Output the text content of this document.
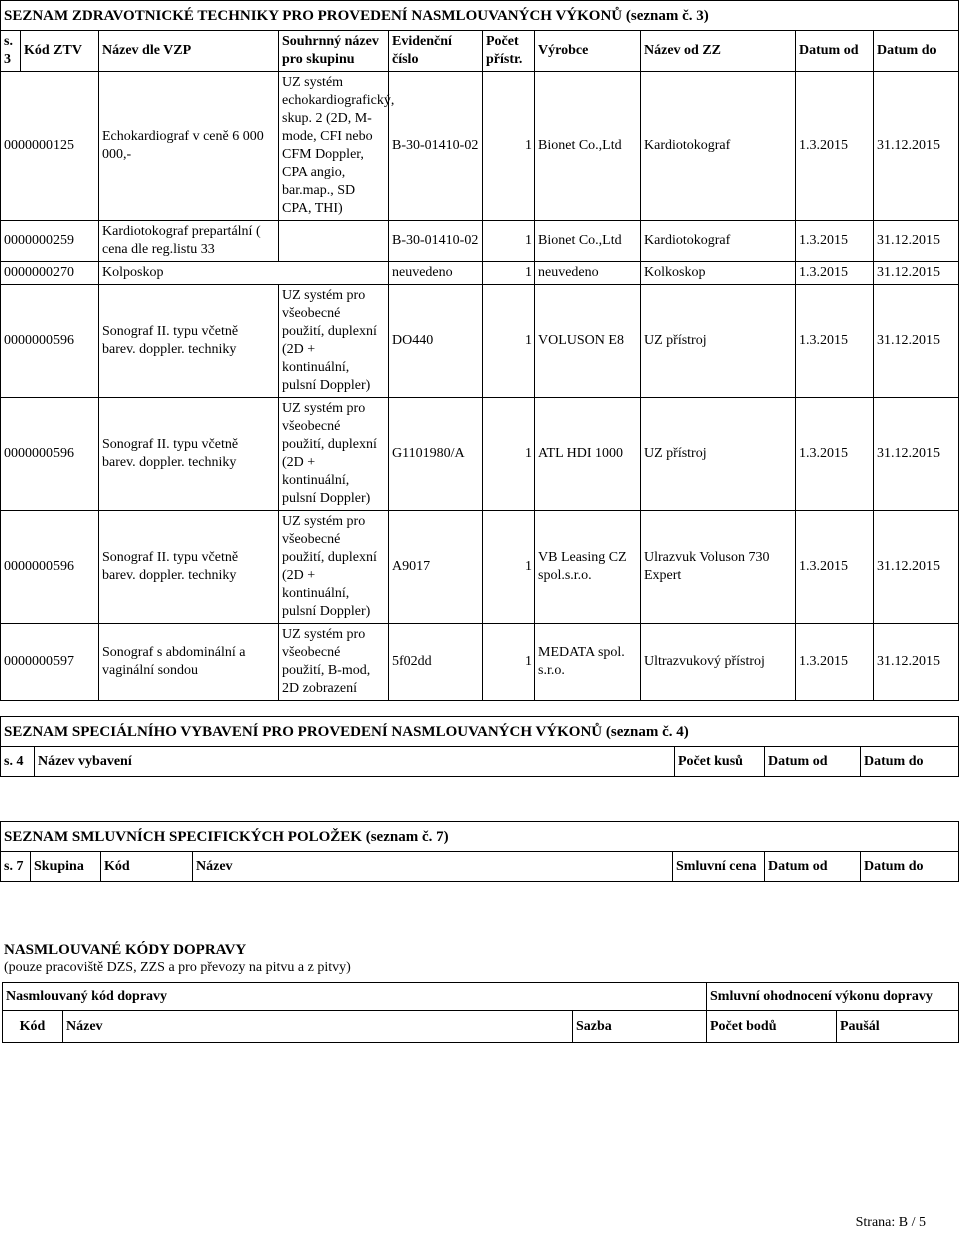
SEZNAM ZDRAVOTNICKÉ TECHNIKY PRO PROVEDENÍ NASMLOUVANÝCH VÝKONŮ (seznam č. 3)									
s. 3	Kód ZTV	Název dle VZP	Souhrnný název pro skupinu	Evidenční číslo	Počet přístr.	Výrobce	Název od ZZ	Datum od	Datum do
0000000125		Echokardiograf v ceně 6 000 000,-	UZ systém echokardiografický, skup. 2 (2D, M-mode, CFI nebo CFM Doppler, CPA angio, bar.map., SD CPA, THI)	B-30-01410-02	1	Bionet Co.,Ltd	Kardiotokograf	1.3.2015	31.12.2015
0000000259		Kardiotokograf prepartální ( cena dle reg.listu 33		B-30-01410-02	1	Bionet Co.,Ltd	Kardiotokograf	1.3.2015	31.12.2015
0000000270		Kolposkop		neuvedeno	1	neuvedeno	Kolkoskop	1.3.2015	31.12.2015
0000000596		Sonograf II. typu včetně barev. doppler. techniky	UZ systém pro všeobecné použití, duplexní (2D + kontinuální, pulsní Doppler)	DO440	1	VOLUSON E8	UZ přístroj	1.3.2015	31.12.2015
0000000596		Sonograf II. typu včetně barev. doppler. techniky	UZ systém pro všeobecné použití, duplexní (2D + kontinuální, pulsní Doppler)	G1101980/A	1	ATL HDI 1000	UZ přístroj	1.3.2015	31.12.2015
0000000596		Sonograf II. typu včetně barev. doppler. techniky	UZ systém pro všeobecné použití, duplexní (2D + kontinuální, pulsní Doppler)	A9017	1	VB Leasing CZ spol.s.r.o.	Ulrazvuk Voluson 730 Expert	1.3.2015	31.12.2015
0000000597		Sonograf s abdominální a vaginální sondou	UZ systém pro všeobecné použití, B-mod, 2D zobrazení	5f02dd	1	MEDATA spol. s.r.o.	Ultrazvukový přístroj	1.3.2015	31.12.2015
SEZNAM SPECIÁLNÍHO VYBAVENÍ PRO PROVEDENÍ NASMLOUVANÝCH VÝKONŮ (seznam č. 4)
s. 4	Název vybavení	Počet kusů	Datum od	Datum do
SEZNAM SMLUVNÍCH SPECIFICKÝCH POLOŽEK (seznam č. 7)
s. 7	Skupina	Kód	Název	Smluvní cena	Datum od	Datum do
NASMLOUVANÉ KÓDY DOPRAVY
(pouze pracoviště DZS, ZZS a pro převozy na pitvu a z pitvy)
Nasmlouvaný kód dopravy			Smluvní ohodnocení výkonu dopravy	
Kód	Název	Sazba	Počet bodů	Paušál
Strana: B / 5
